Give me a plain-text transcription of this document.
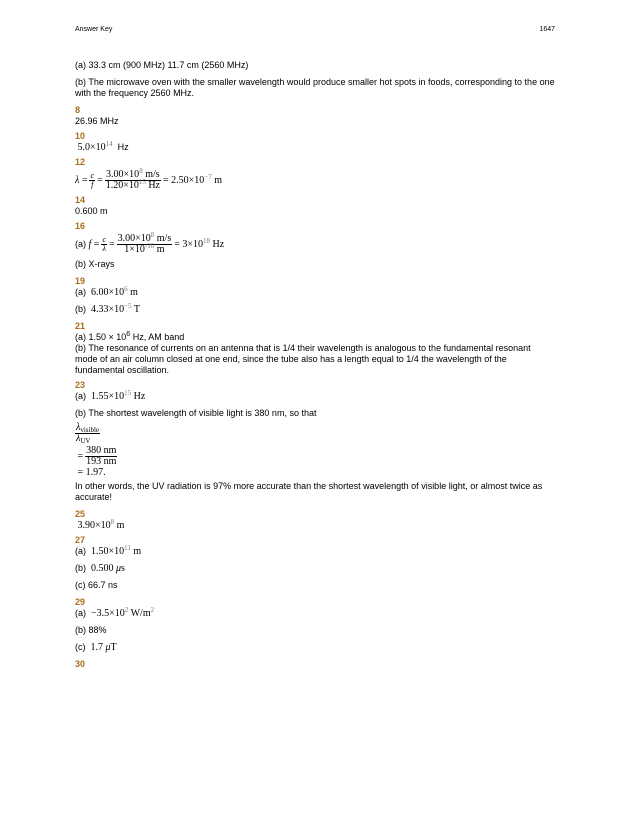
Answer Key	1647

(a) 33.3 cm (900 MHz) 11.7 cm (2560 MHz)

(b) The microwave oven with the smaller wavelength would produce smaller hot spots in foods, corresponding to the one with the frequency 2560 MHz.

8
26.96 MHz
10
$5.0\times 10^{14}$ Hz
12
$\lambda = \frac{c}{f} = \frac{3.00\times 10^8 m/s}{1.20\times 10^{15} Hz} = 2.50\times 10^{-7}$ m
14
0.600 m
16
(a)
$f = \frac{c}{\lambda} = \frac{3.00\times 10^8 m/s}{1\times 10^{-10} m} = 3\times 10^{18}$ Hz

(b) X-rays

19

(a) $6.00\times 10^6$ m

(b) $4.33\times 10^{-5}$ T

21
(a) $1.50 \times 10^6$ Hz, AM band

(b) The resonance of currents on an antenna that is 1/4 their wavelength is analogous to the fundamental resonant mode of an air column closed at one end, since the tube also has a length equal to 1/4 the wavelength of the fundamental oscillation.

23

(a) $1.55\times 10^{15}$ Hz

(b) The shortest wavelength of visible light is 380 nm, so that

$\frac{\lambda_{visible}}{\lambda_{UV}}$
= $\frac{380 nm}{193 nm}$
= 1.97.

In other words, the UV radiation is 97% more accurate than the shortest wavelength of visible light, or almost twice as accurate!

25
$3.90\times 10^8$ m
27

(a) $1.50\times 10^{11}$ m

(b) 0.500 μs

(c) 66.7 ns

29

$(a) -3.5\times 10^2$ $W/m^2$

(b) 88%

(c) 1.7 μT

30
